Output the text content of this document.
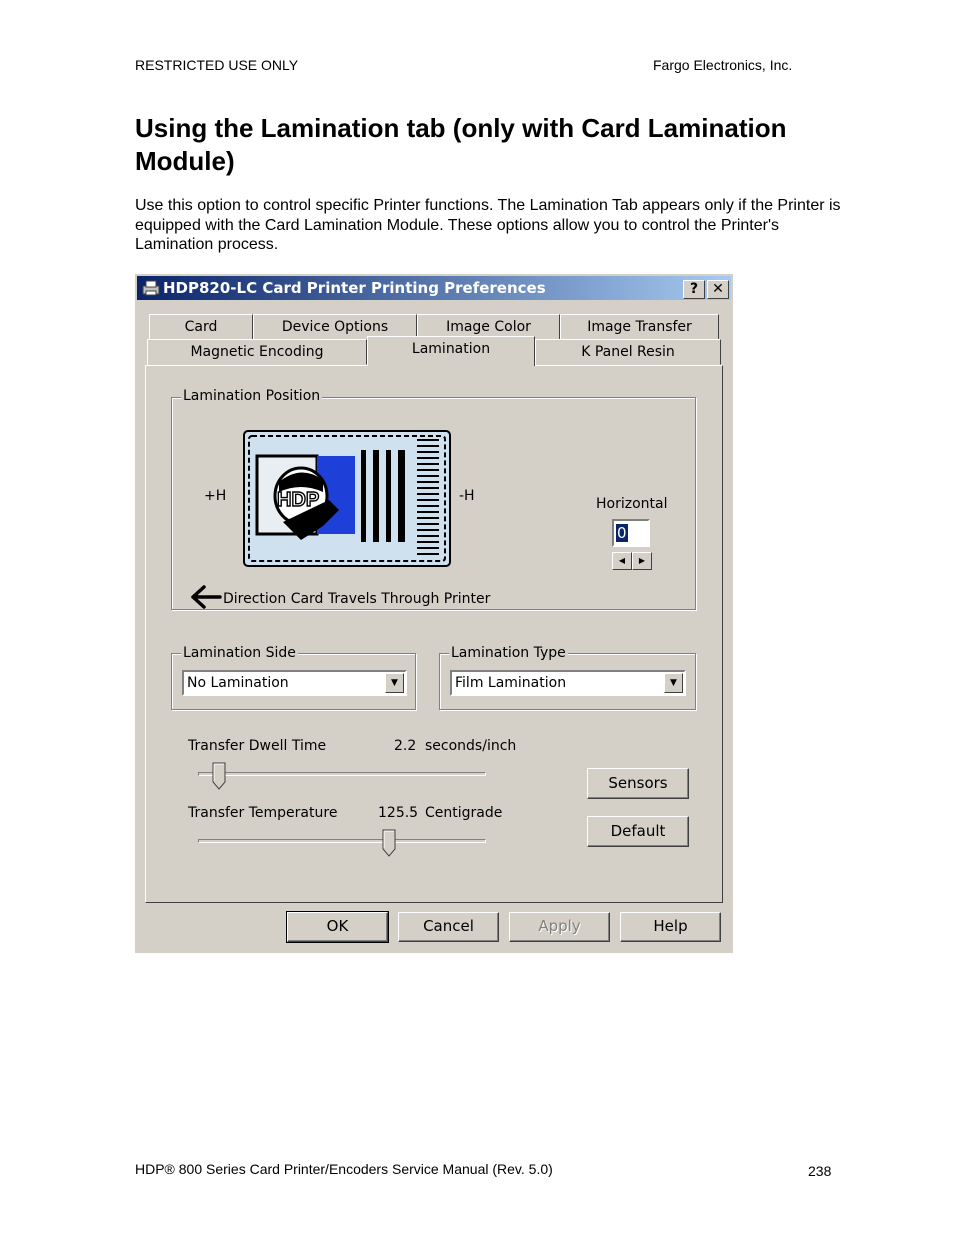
RESTRICTED USE ONLY	Fargo Electronics, Inc.
Using the Lamination tab (only with Card Lamination Module)

Use this option to control specific Printer functions. The Lamination Tab appears only if the Printer is equipped with the Card Lamination Module. These options allow you to control the Printer's Lamination process.

HDP820-LC Card Printer Printing Preferences	?	✕
Card	Device Options	Image Color	Image Transfer
Magnetic Encoding	Lamination	K Panel Resin
Lamination Position
+H	-H
HDP	Horizontal
0
◀	▶
Direction Card Travels Through Printer
Lamination Side
No Lamination	▼
Lamination Type
Film Lamination	▼
Transfer Dwell Time	2.2 seconds/inch
Transfer Temperature	125.5 Centigrade
Sensors
Default
OK	Cancel	Apply	Help
HDP® 800 Series Card Printer/Encoders Service Manual (Rev. 5.0)	238
